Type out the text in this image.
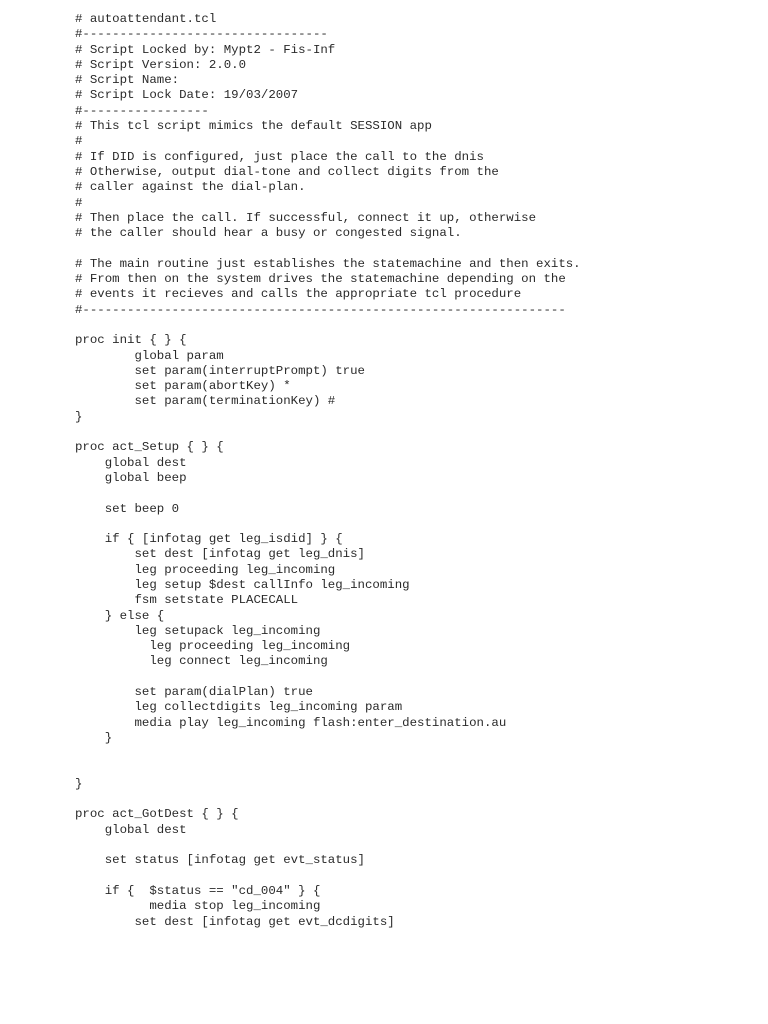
# autoattendant.tcl
#---------------------------------
# Script Locked by: Mypt2 - Fis-Inf
# Script Version: 2.0.0
# Script Name:
# Script Lock Date: 19/03/2007
#-----------------
# This tcl script mimics the default SESSION app
#
# If DID is configured, just place the call to the dnis
# Otherwise, output dial-tone and collect digits from the
# caller against the dial-plan.
#
# Then place the call. If successful, connect it up, otherwise
# the caller should hear a busy or congested signal.
# The main routine just establishes the statemachine and then exits.
# From then on the system drives the statemachine depending on the
# events it recieves and calls the appropriate tcl procedure
#-----------------------------------------------------------------
proc init { } {
global param
set param(interruptPrompt) true
set param(abortKey) *
set param(terminationKey) #
}
proc act_Setup { } {
global dest
global beep
set beep 0
if { [infotag get leg_isdid] } {
set dest [infotag get leg_dnis]
leg proceeding leg_incoming
leg setup $dest callInfo leg_incoming
fsm setstate PLACECALL
} else {
leg setupack leg_incoming
leg proceeding leg_incoming
leg connect leg_incoming
set param(dialPlan) true
leg collectdigits leg_incoming param
media play leg_incoming flash:enter_destination.au
}
}
proc act_GotDest { } {
global dest
set status [infotag get evt_status]
if {  $status == "cd_004" } {
media stop leg_incoming
set dest [infotag get evt_dcdigits]
